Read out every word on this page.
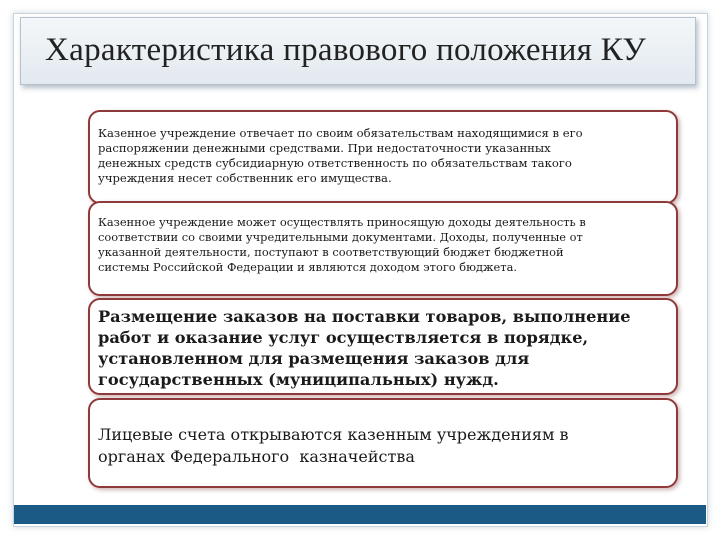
Характеристика правового положения КУ
Казенное учреждение отвечает по своим обязательствам находящимися в его
распоряжении денежными средствами. При недостаточности указанных
денежных средств субсидиарную ответственность по обязательствам такого
учреждения несет собственник его имущества.
Казенное учреждение может осуществлять приносящую доходы деятельность в
соответствии со своими учредительными документами. Доходы, полученные от
указанной деятельности, поступают в соответствующий бюджет бюджетной
системы Российской Федерации и являются доходом этого бюджета.
Размещение заказов на поставки товаров, выполнение
работ и оказание услуг осуществляется в порядке,
установленном для размещения заказов для
государственных (муниципальных) нужд.
Лицевые счета открываются казенным учреждениям в
органах Федерального  казначейства
